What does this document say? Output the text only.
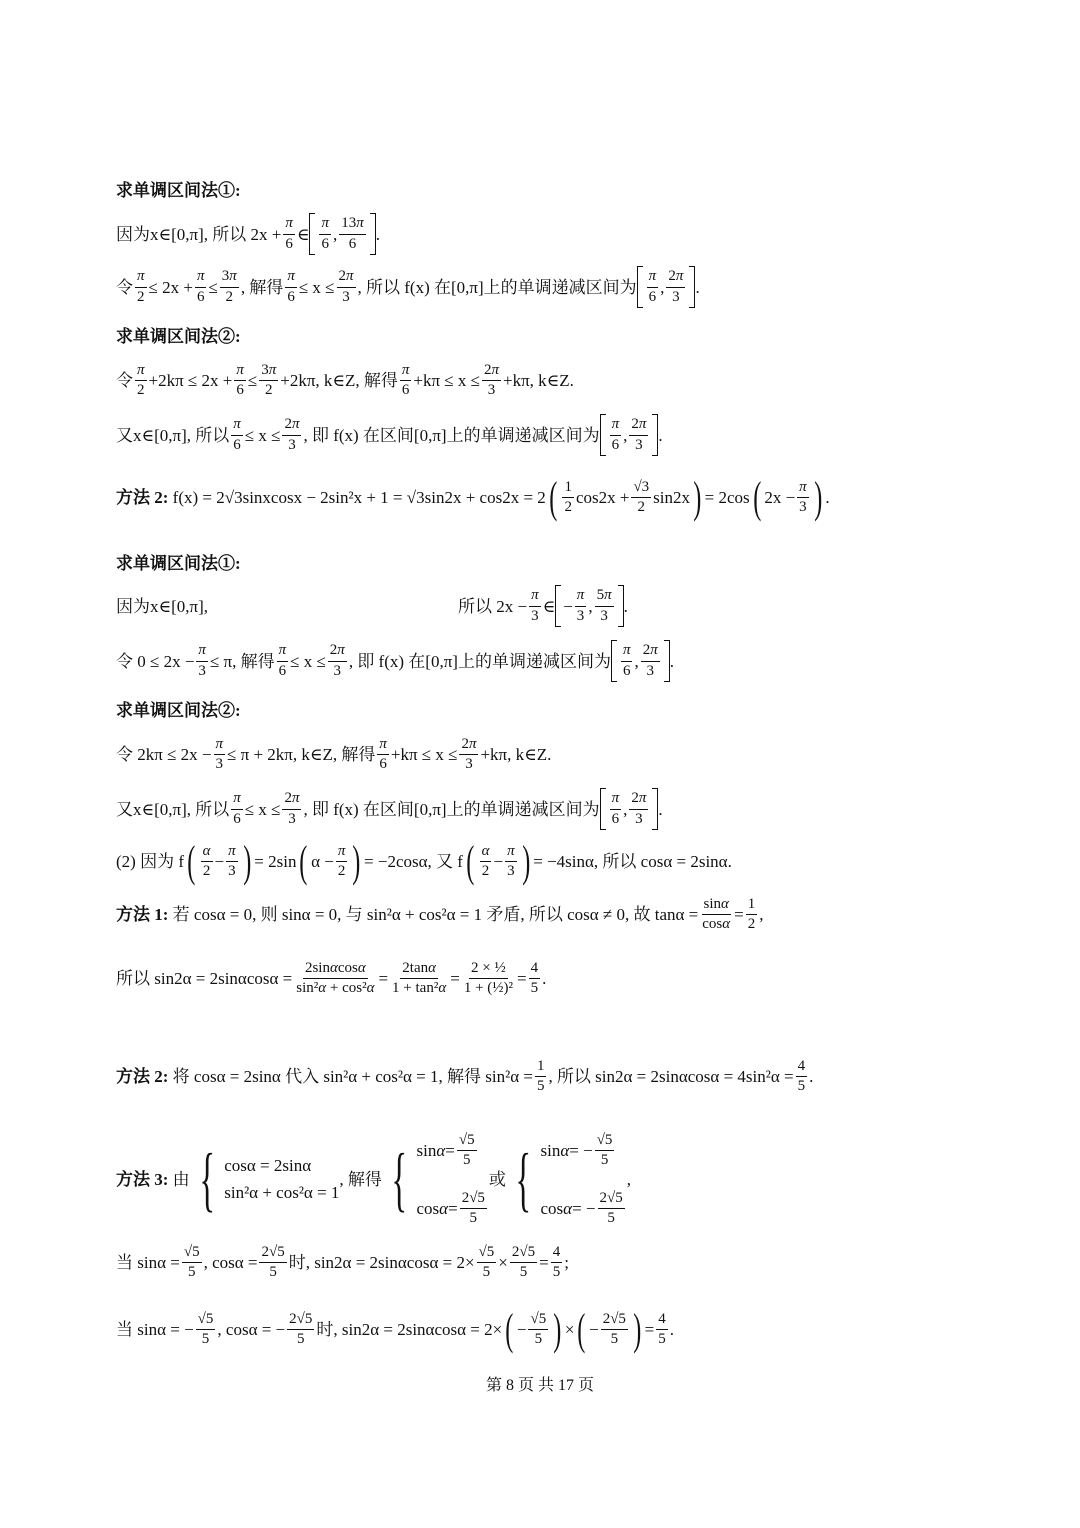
求单调区间法①:
因为x∈[0,π], 所以 $2x + \frac{\pi}{6}$ ∈ $\frac{\pi}{6}$ , $\frac{13\pi}{6}$ .
令 $\frac{\pi}{2} \le 2x + \frac{\pi}{6} \le \frac{3\pi}{2}$ , 解得 $\frac{\pi}{6} \le x \le \frac{2\pi}{3}$ , 所以 f(x) 在[0,π]上的单调递减区间为 $\frac{\pi}{6}$ , $\frac{2\pi}{3}$ .
求单调区间法②:
令 $\frac{\pi}{2} +2k\pi \le 2x + \frac{\pi}{6} \le \frac{3\pi}{2} +2k\pi$, k∈Z, 解得 $\frac{\pi}{6} +k\pi \le x \le \frac{2\pi}{3} +k\pi$, k∈Z.
又x∈[0,π], 所以 $\frac{\pi}{6} \le x \le \frac{2\pi}{3}$ , 即 f(x) 在区间[0,π]上的单调递减区间为 $\frac{\pi}{6}$ , $\frac{2\pi}{3}$ .
方法 2:
f(x) = 2√3sinxcosx − 2sin²x + 1 = √3sin2x + cos2x = 2 ( $\frac{1}{2} \cos 2x + \frac{√3}{2} \sin 2x$ ) = 2cos ( $2x - \frac{\pi}{3}$ ) .
求单调区间法①:
因为x∈[0,π],	所以 $2x - \frac{\pi}{3}$ ∈ − $\frac{\pi}{3}$ , $\frac{5\pi}{3}$ .
令 $0 \le 2x - \frac{\pi}{3} \le \pi$, 解得 $\frac{\pi}{6} \le x \le \frac{2\pi}{3}$ , 即 f(x) 在[0,π]上的单调递减区间为 $\frac{\pi}{6}$ , $\frac{2\pi}{3}$ .
求单调区间法②:
令 $2k\pi \le 2x - \frac{\pi}{3} \le \pi + 2k\pi$, k∈Z, 解得 $\frac{\pi}{6} +k\pi \le x \le \frac{2\pi}{3} +k\pi$, k∈Z.
又x∈[0,π], 所以 $\frac{\pi}{6} \le x \le \frac{2\pi}{3}$ , 即 f(x) 在区间[0,π]上的单调递减区间为 $\frac{\pi}{6}$ , $\frac{2\pi}{3}$ .
(2) 因为 f ( $\frac{\alpha}{2} - \frac{\pi}{3}$ ) = 2sin ( $\alpha - \frac{\pi}{2}$ ) = −2cosα, 又 f ( $\frac{\alpha}{2} - \frac{\pi}{3}$ ) = −4sinα, 所以 cosα = 2sinα.
方法 1:
若 cosα = 0, 则 sinα = 0, 与 sin²α + cos²α = 1 矛盾, 所以 cosα ≠ 0, 故 $\tan\alpha = \frac{\sin\alpha}{\cos\alpha} = \frac{1}{2}$ ,
所以 $\sin 2\alpha = 2\sin\alpha\cos\alpha = \frac{2\sin\alpha\cos\alpha}{\text{sin²α + cos²α}} = \frac{2\tan\alpha}{\text{1 + tan²α}} = \frac{\text{2 × ½}}{\text{1 + (½)²}} = \frac{4}{5}$ .
方法 2:
将 cosα = 2sinα 代入 sin²α + cos²α = 1, 解得 $\sin^2\alpha = \frac{1}{5}$ , 所以 $\sin 2\alpha = 2\sin\alpha\cos\alpha = 4\sin^2\alpha = \frac{4}{5}$ .
方法 3:
由 { cosα = 2sinα
sin²α + cos²α = 1
, 解得 { $\sin \alpha = \frac{√5}{5}$
$\cos \alpha = \frac{2√5}{5}$
或 { sin α = − $\frac{√5}{5}$
cos α = − $\frac{2√5}{5}$
,
当 $\sin\alpha = \frac{√5}{5}$ , $\cos\alpha = \frac{2√5}{5}$ 时, $\sin 2\alpha = 2\sin\alpha\cos\alpha = 2\times \frac{√5}{5} \times \frac{2√5}{5} = \frac{4}{5}$ ;
当 sinα = − $\frac{√5}{5}$ , cosα = − $\frac{2√5}{5}$ 时, sin2α = 2sinαcosα = 2× ( − $\frac{√5}{5}$ ) × ( − $\frac{2√5}{5}$ ) = $\frac{4}{5}$ .
第 8 页 共 17 页
